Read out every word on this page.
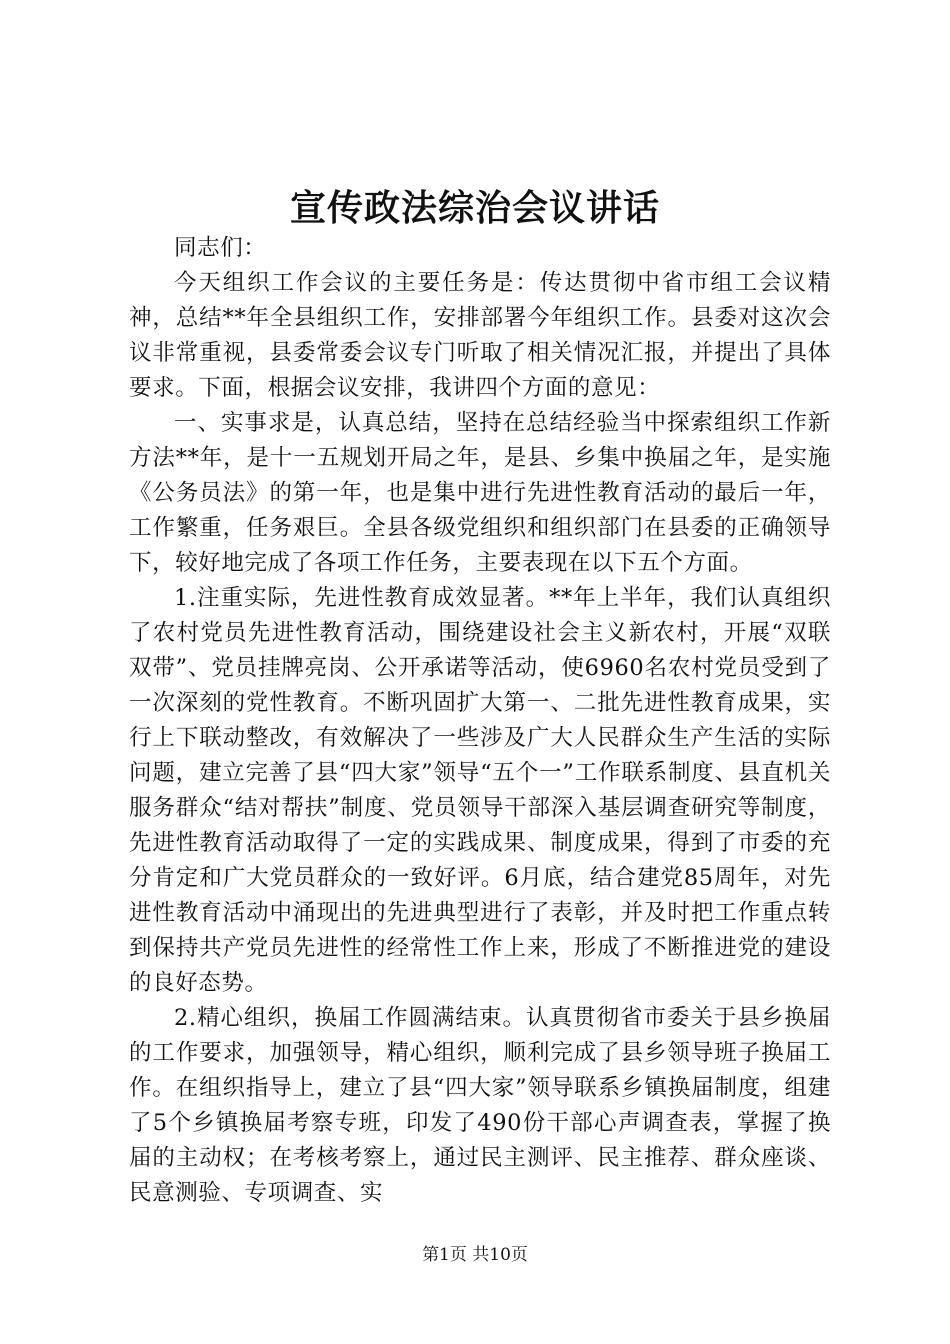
宣传政法综治会议讲话

同志们：

今天组织工作会议的主要任务是：传达贯彻中省市组工会议精神，总结**年全县组织工作，安排部署今年组织工作。县委对这次会议非常重视，县委常委会议专门听取了相关情况汇报，并提出了具体要求。下面，根据会议安排，我讲四个方面的意见：

一、实事求是，认真总结，坚持在总结经验当中探索组织工作新方法**年，是十一五规划开局之年，是县、乡集中换届之年，是实施《公务员法》的第一年，也是集中进行先进性教育活动的最后一年，工作繁重，任务艰巨。全县各级党组织和组织部门在县委的正确领导下，较好地完成了各项工作任务，主要表现在以下五个方面。

1.注重实际，先进性教育成效显著。**年上半年，我们认真组织了农村党员先进性教育活动，围绕建设社会主义新农村，开展“双联双带”、党员挂牌亮岗、公开承诺等活动，使6960名农村党员受到了一次深刻的党性教育。不断巩固扩大第一、二批先进性教育成果，实行上下联动整改，有效解决了一些涉及广大人民群众生产生活的实际问题，建立完善了县“四大家”领导“五个一”工作联系制度、县直机关服务群众“结对帮扶”制度、党员领导干部深入基层调查研究等制度，先进性教育活动取得了一定的实践成果、制度成果，得到了市委的充分肯定和广大党员群众的一致好评。6月底，结合建党85周年，对先进性教育活动中涌现出的先进典型进行了表彰，并及时把工作重点转到保持共产党员先进性的经常性工作上来，形成了不断推进党的建设的良好态势。

2.精心组织，换届工作圆满结束。认真贯彻省市委关于县乡换届的工作要求，加强领导，精心组织，顺利完成了县乡领导班子换届工作。在组织指导上，建立了县“四大家”领导联系乡镇换届制度，组建了5个乡镇换届考察专班，印发了490份干部心声调查表，掌握了换届的主动权；在考核考察上，通过民主测评、民主推荐、群众座谈、民意测验、专项调查、实

第1页 共10页
